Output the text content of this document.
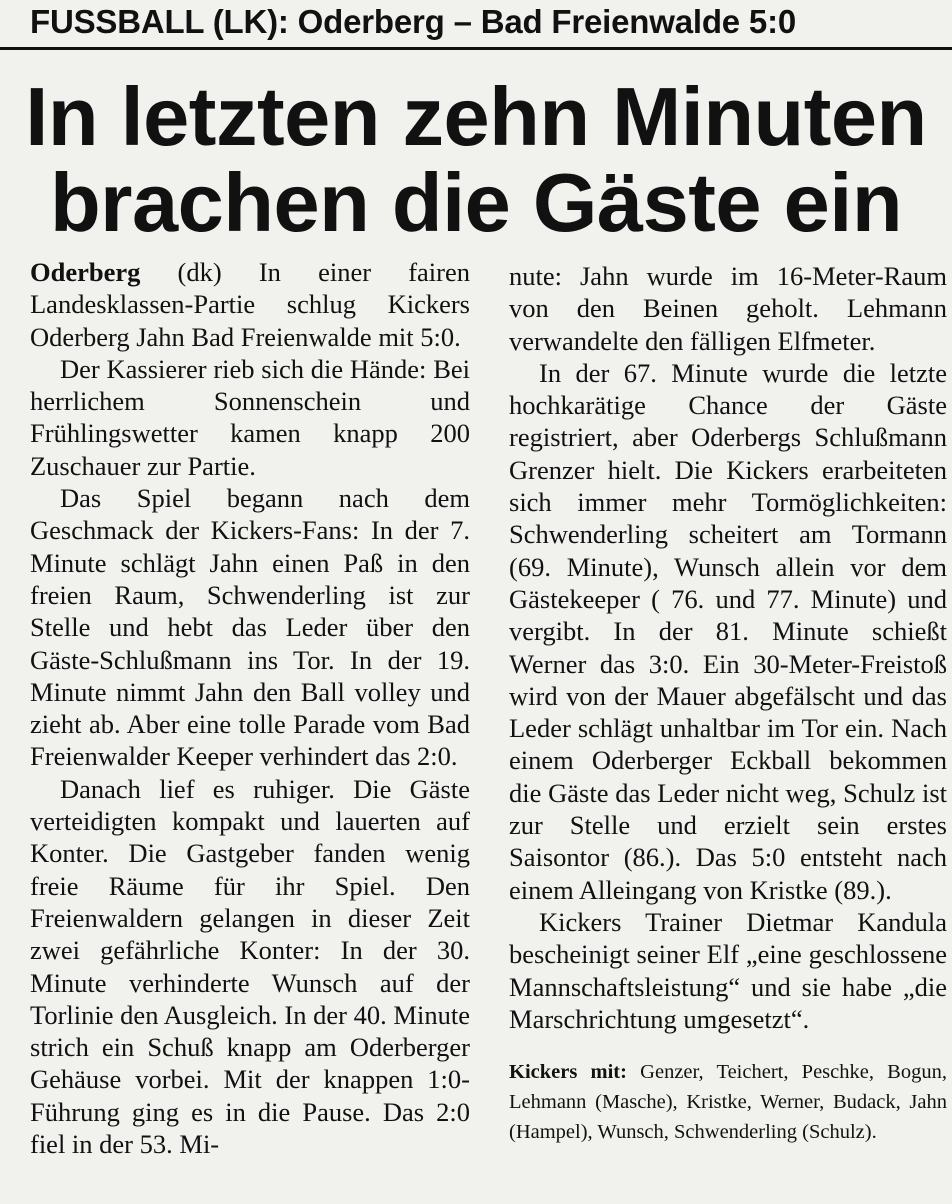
FUSSBALL (LK): Oderberg – Bad Freienwalde 5:0
In letzten zehn Minuten
brachen die Gäste ein

Oderberg (dk) In einer fairen Landesklassen-Partie schlug Kickers Oderberg Jahn Bad Freienwalde mit 5:0.

Der Kassierer rieb sich die Hände: Bei herrlichem Sonnenschein und Frühlingswetter kamen knapp 200 Zuschauer zur Partie.

Das Spiel begann nach dem Geschmack der Kickers-Fans: In der 7. Minute schlägt Jahn einen Paß in den freien Raum, Schwenderling ist zur Stelle und hebt das Leder über den Gäste-Schlußmann ins Tor. In der 19. Minute nimmt Jahn den Ball volley und zieht ab. Aber eine tolle Parade vom Bad Freienwalder Keeper verhindert das 2:0.

Danach lief es ruhiger. Die Gäste verteidigten kompakt und lauerten auf Konter. Die Gastgeber fanden wenig freie Räume für ihr Spiel. Den Freienwaldern gelangen in dieser Zeit zwei gefährliche Konter: In der 30. Minute verhinderte Wunsch auf der Torlinie den Ausgleich. In der 40. Minute strich ein Schuß knapp am Oderberger Gehäuse vorbei. Mit der knappen 1:0-Führung ging es in die Pause. Das 2:0 fiel in der 53. Mi-

nute: Jahn wurde im 16-Meter-Raum von den Beinen geholt. Lehmann verwandelte den fälligen Elfmeter.

In der 67. Minute wurde die letzte hochkarätige Chance der Gäste registriert, aber Oderbergs Schlußmann Grenzer hielt. Die Kickers erarbeiteten sich immer mehr Tormöglichkeiten: Schwenderling scheitert am Tormann (69. Minute), Wunsch allein vor dem Gästekeeper ( 76. und 77. Minute) und vergibt. In der 81. Minute schießt Werner das 3:0. Ein 30-Meter-Freistoß wird von der Mauer abgefälscht und das Leder schlägt unhaltbar im Tor ein. Nach einem Oderberger Eckball bekommen die Gäste das Leder nicht weg, Schulz ist zur Stelle und erzielt sein erstes Saisontor (86.). Das 5:0 entsteht nach einem Alleingang von Kristke (89.).

Kickers Trainer Dietmar Kandula bescheinigt seiner Elf „eine geschlossene Mannschaftsleistung“ und sie habe „die Marschrichtung umgesetzt“.

Kickers mit: Genzer, Teichert, Peschke, Bogun, Lehmann (Masche), Kristke, Werner, Budack, Jahn (Hampel), Wunsch, Schwenderling (Schulz).
